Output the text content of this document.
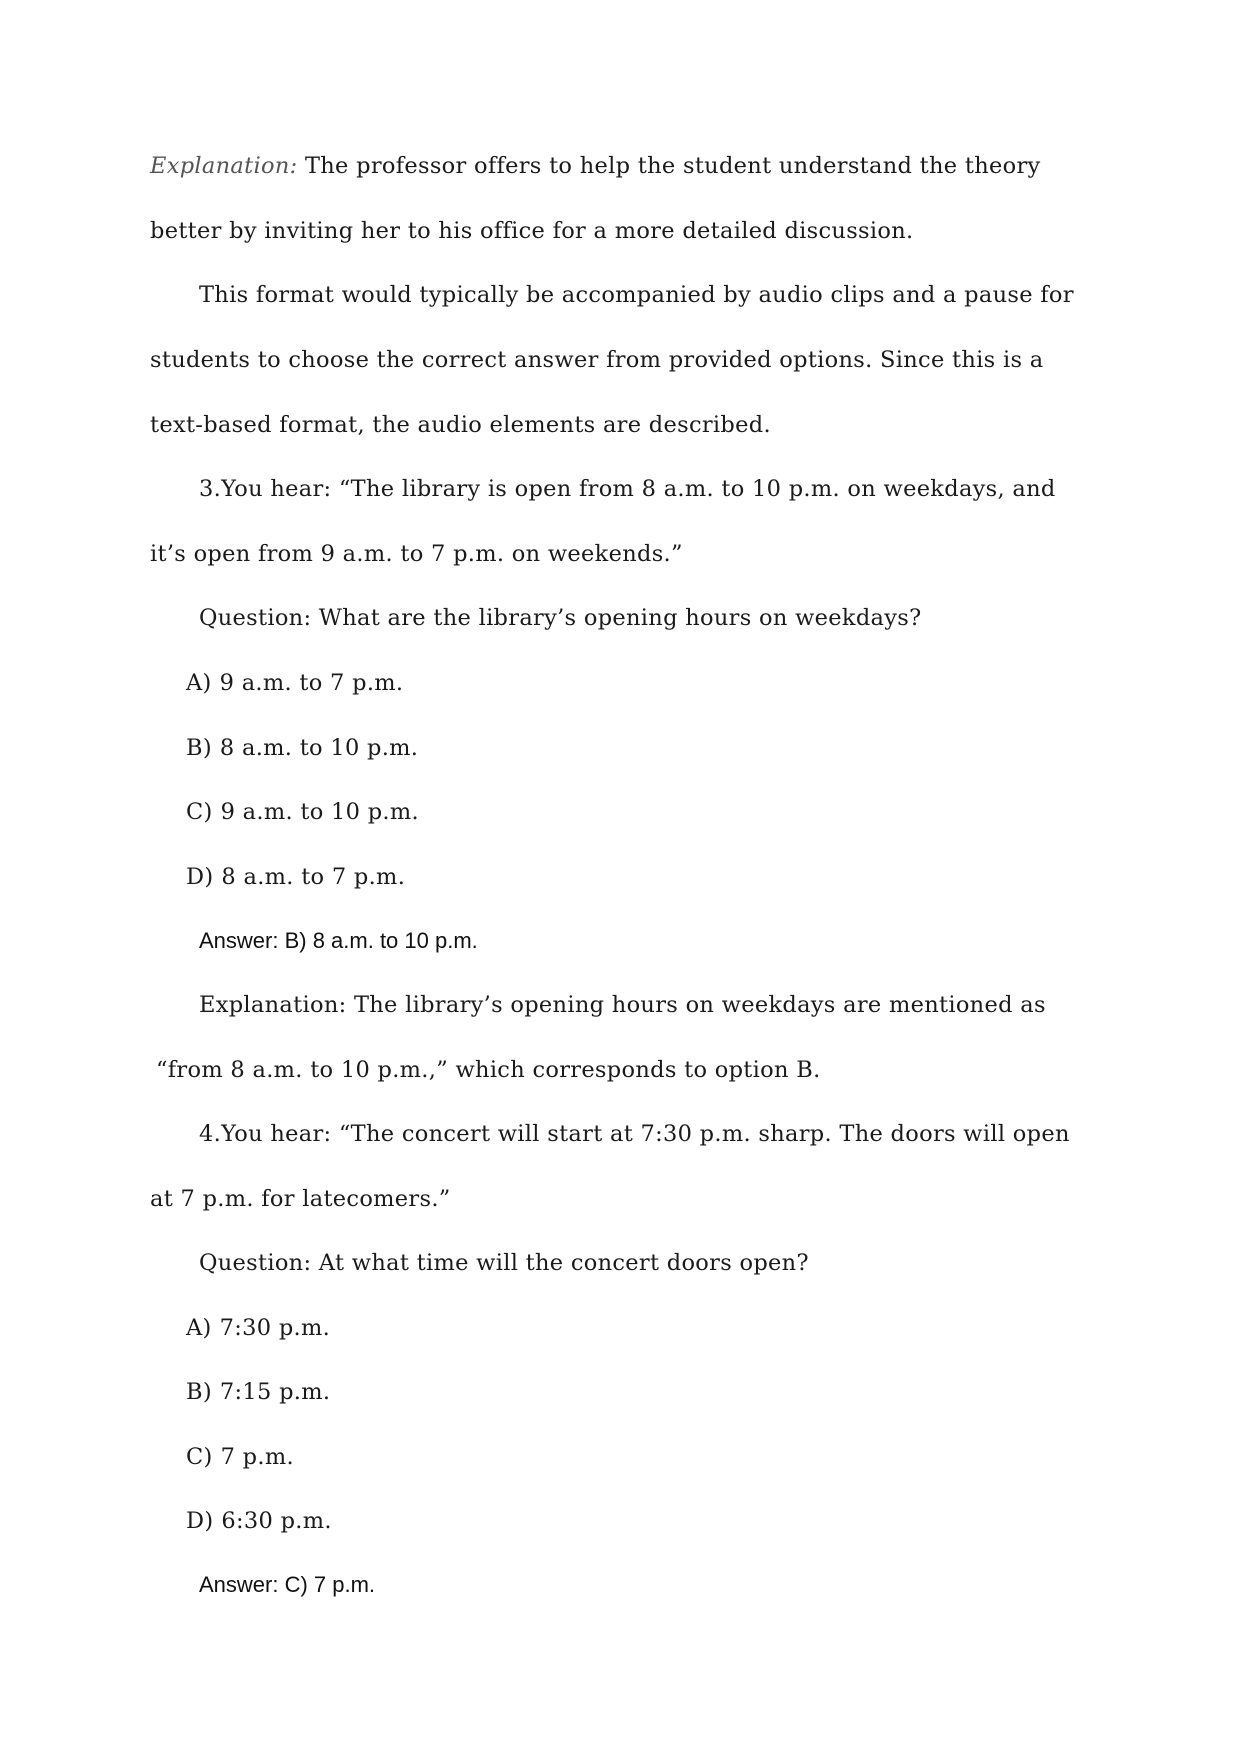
Explanation: The professor offers to help the student understand the theory
better by inviting her to his office for a more detailed discussion.
This format would typically be accompanied by audio clips and a pause for
students to choose the correct answer from provided options. Since this is a
text-based format, the audio elements are described.
3.You hear: “The library is open from 8 a.m. to 10 p.m. on weekdays, and
it’s open from 9 a.m. to 7 p.m. on weekends.”
Question: What are the library’s opening hours on weekdays?
A) 9 a.m. to 7 p.m.
B) 8 a.m. to 10 p.m.
C) 9 a.m. to 10 p.m.
D) 8 a.m. to 7 p.m.
Answer: B) 8 a.m. to 10 p.m.
Explanation: The library’s opening hours on weekdays are mentioned as
“from 8 a.m. to 10 p.m.,” which corresponds to option B.
4.You hear: “The concert will start at 7:30 p.m. sharp. The doors will open
at 7 p.m. for latecomers.”
Question: At what time will the concert doors open?
A) 7:30 p.m.
B) 7:15 p.m.
C) 7 p.m.
D) 6:30 p.m.
Answer: C) 7 p.m.
